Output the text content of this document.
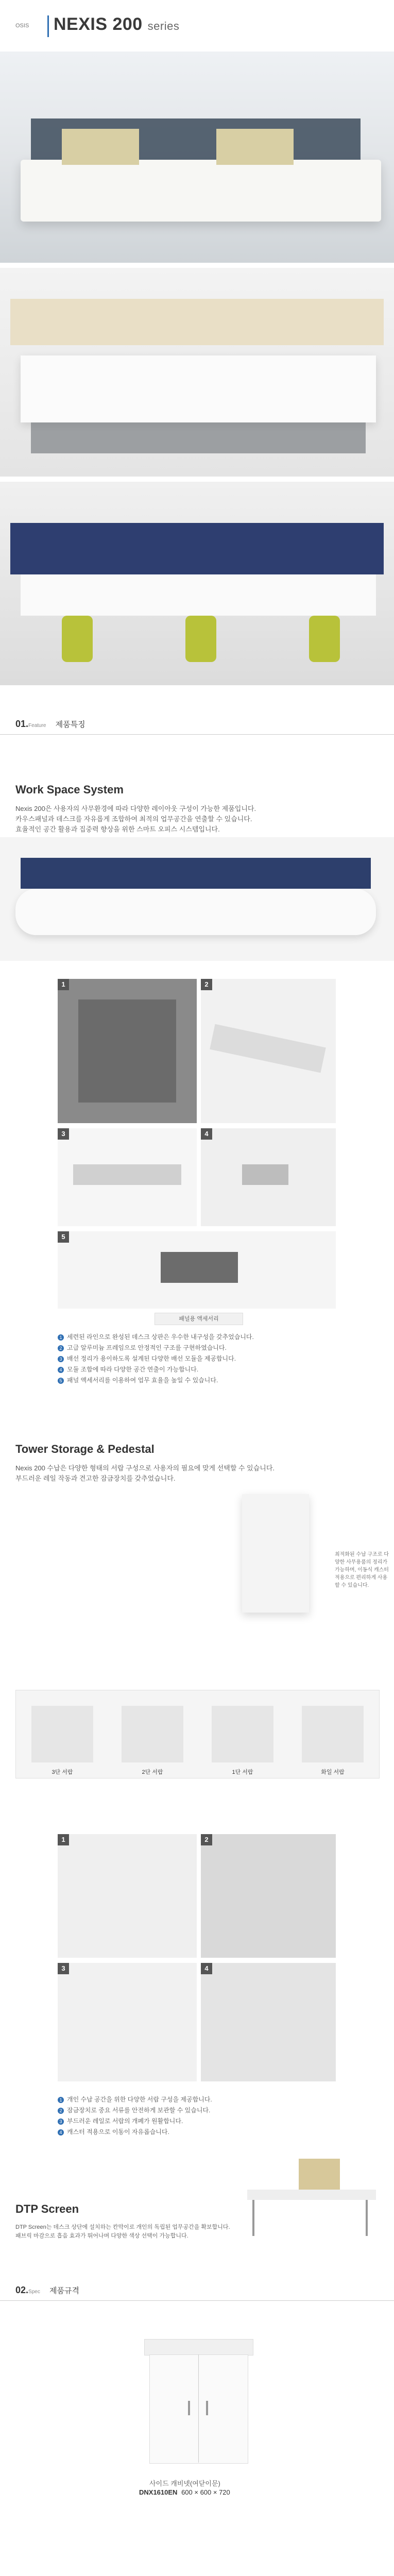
OSIS NEXIS 200 series
01.Feature 제품특징
Work Space System
Nexis 200은 사용자의 사무환경에 따라 다양한 레이아웃 구성이 가능한 제품입니다.
카우스패널과 데스크를 자유롭게 조합하여 최적의 업무공간을 연출할 수 있습니다.
효율적인 공간 활용과 집중력 향상을 위한 스마트 오피스 시스템입니다.
1	2
3	4
5
패널용 액세서리
1 세련된 라인으로 완성된 데스크 상판은 우수한 내구성을 갖추었습니다.
2 고급 알루미늄 프레임으로 안정적인 구조를 구현하였습니다.
3 배선 정리가 용이하도록 설계된 다양한 배선 모듈을 제공합니다.
4 모듈 조합에 따라 다양한 공간 연출이 가능합니다.
5 패널 액세서리를 이용하여 업무 효율을 높일 수 있습니다.
Tower Storage & Pedestal
Nexis 200 수납은 다양한 형태의 서랍 구성으로 사용자의 필요에 맞게 선택할 수 있습니다.
부드러운 레일 작동과 견고한 잠금장치를 갖추었습니다.
최적화된 수납 구조로 다양한 사무용품의 정리가 가능하며, 이동식 캐스터 적용으로 편리하게 사용할 수 있습니다.
3단 서랍	2단 서랍	1단 서랍	화일 서랍
1	2
3	4
1 개인 수납 공간을 위한 다양한 서랍 구성을 제공합니다.
2 잠금장치로 중요 서류를 안전하게 보관할 수 있습니다.
3 부드러운 레일로 서랍의 개폐가 원활합니다.
4 캐스터 적용으로 이동이 자유롭습니다.
DTP Screen
DTP Screen는 데스크 상단에 설치하는 칸막이로 개인의 독립된 업무공간을 확보합니다.
패브릭 마감으로 흡음 효과가 뛰어나며 다양한 색상 선택이 가능합니다.
02.Spec 제품규격
사이드 캐비넷(여닫이문)
DNX1610EN 600 × 600 × 720
